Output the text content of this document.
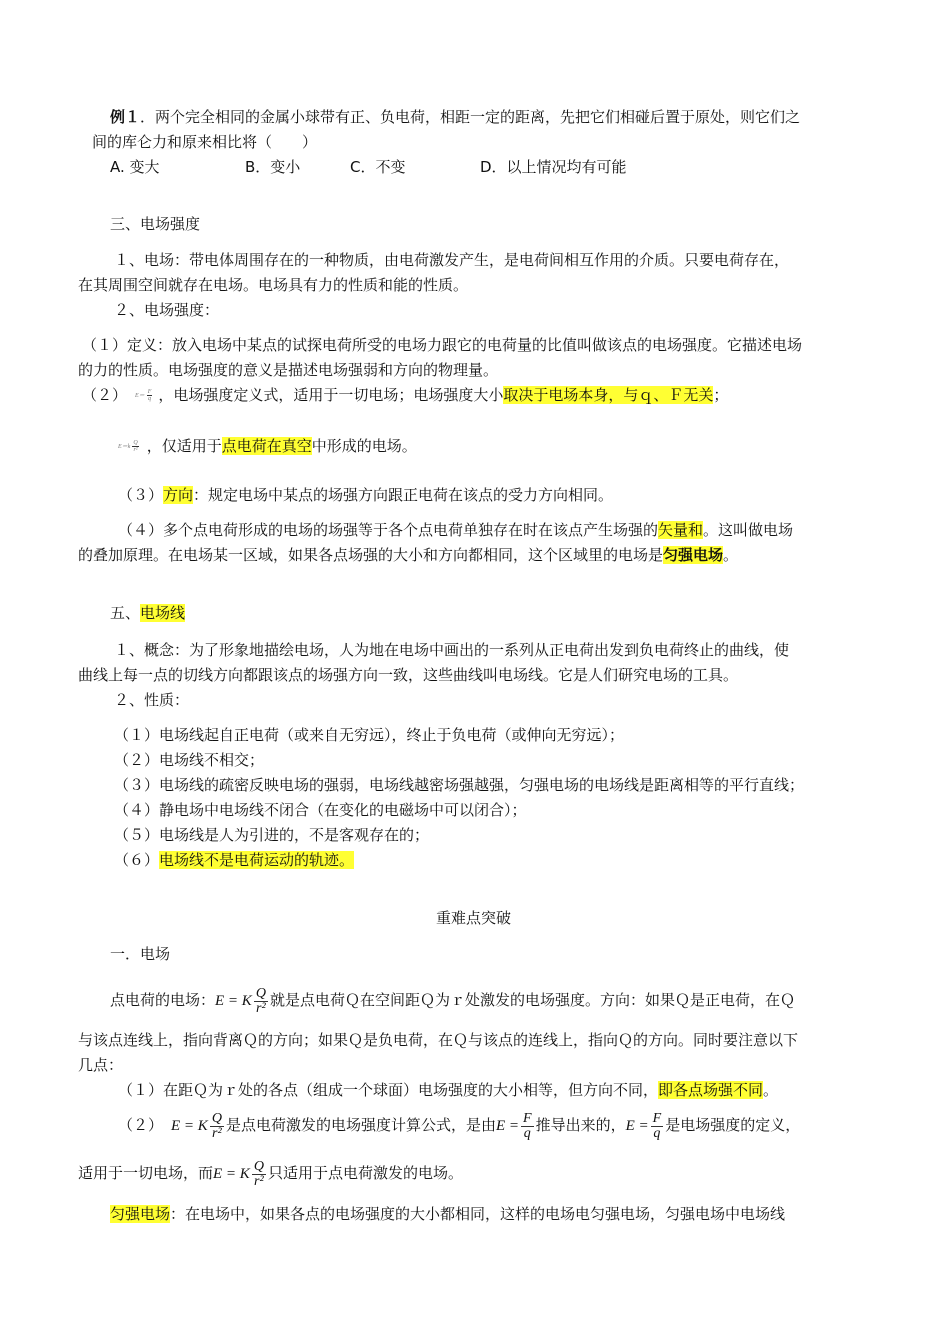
例１．两个完全相同的金属小球带有正、负电荷，相距一定的距离，先把它们相碰后置于原处，则它们之
间的库仑力和原来相比将（　　）
A. 变大	B．变小	C．不变	D．以上情况均有可能
三、电场强度
１、电场：带电体周围存在的一种物质，由电荷激发产生，是电荷间相互作用的介质。只要电荷存在，
在其周围空间就存在电场。电场具有力的性质和能的性质。
２、电场强度：
（１）定义：放入电场中某点的试探电荷所受的电场力跟它的电荷量的比值叫做该点的电场强度。它描述电场
的力的性质。电场强度的意义是描述电场强弱和方向的物理量。
（２） $E= \frac{F}{q}$ ，电场强度定义式，适用于一切电场；电场强度大小取决于电场本身，与ｑ、Ｆ无关；
$E=k \frac{Q}{\text{r²}}$ ，仅适用于点电荷在真空中形成的电场。
（３）方向：规定电场中某点的场强方向跟正电荷在该点的受力方向相同。
（４）多个点电荷形成的电场的场强等于各个点电荷单独存在时在该点产生场强的矢量和。这叫做电场
的叠加原理。在电场某一区域，如果各点场强的大小和方向都相同，这个区域里的电场是匀强电场。
五、电场线
１、概念：为了形象地描绘电场，人为地在电场中画出的一系列从正电荷出发到负电荷终止的曲线，使
曲线上每一点的切线方向都跟该点的场强方向一致，这些曲线叫电场线。它是人们研究电场的工具。
２、性质：
（１）电场线起自正电荷（或来自无穷远），终止于负电荷（或伸向无穷远）；
（２）电场线不相交；
（３）电场线的疏密反映电场的强弱，电场线越密场强越强，匀强电场的电场线是距离相等的平行直线；
（４）静电场中电场线不闭合（在变化的电磁场中可以闭合）；
（５）电场线是人为引进的，不是客观存在的；
（６）电场线不是电荷运动的轨迹。
重难点突破
一．电场
点电荷的电场：E = K $\frac{Q}{\text{r²}}$ 就是点电荷Ｑ在空间距Ｑ为ｒ处激发的电场强度。方向：如果Ｑ是正电荷，在Ｑ
与该点连线上，指向背离Ｑ的方向；如果Ｑ是负电荷，在Ｑ与该点的连线上，指向Ｑ的方向。同时要注意以下
几点：
（１）在距Ｑ为ｒ处的各点（组成一个球面）电场强度的大小相等，但方向不同，即各点场强不同。
（２） E = K $\frac{Q}{\text{r²}}$ 是点电荷激发的电场强度计算公式，是由$E = \frac{F}{q}$ 推导出来的，$E = \frac{F}{q}$ 是电场强度的定义，
适用于一切电场，而E = K $\frac{Q}{\text{r²}}$ 只适用于点电荷激发的电场。
匀强电场：在电场中，如果各点的电场强度的大小都相同，这样的电场电匀强电场，匀强电场中电场线
